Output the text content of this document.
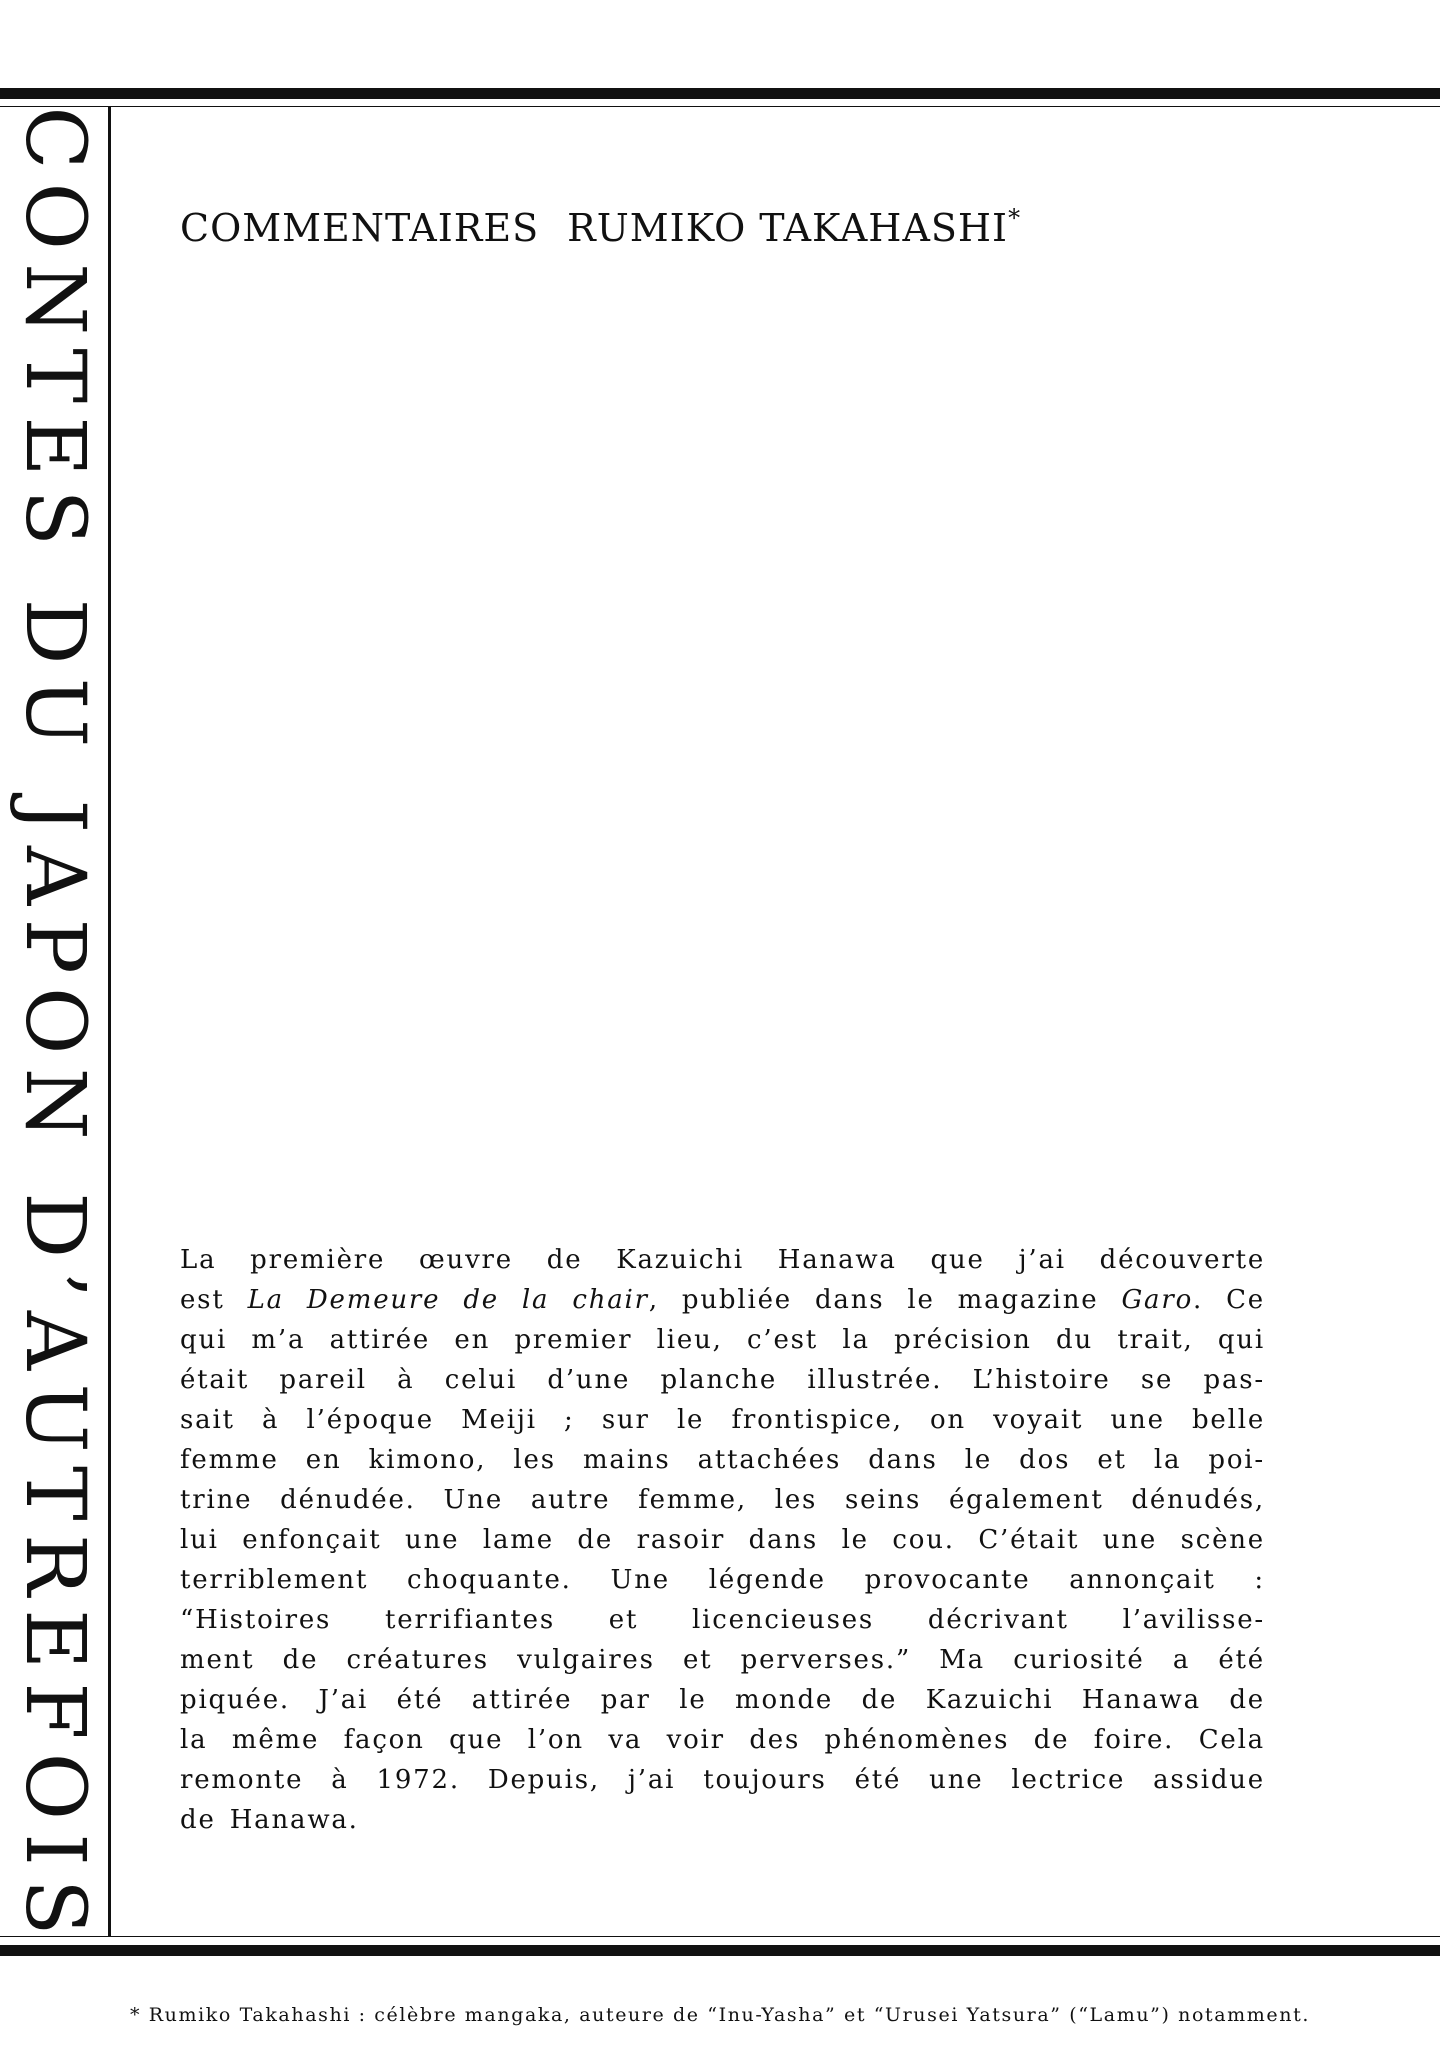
C
O
N
T
E
S

D
U

J
A
P
O
N

D
’
A
U
T
R
E
F
O
I
S
COMMENTAIRES RUMIKO TAKAHASHI*
La première œuvre de Kazuichi Hanawa que j’ai découverte
est La Demeure de la chair, publiée dans le magazine Garo. Ce
qui m’a attirée en premier lieu, c’est la précision du trait, qui
était pareil à celui d’une planche illustrée. L’histoire se pas-
sait à l’époque Meiji ; sur le frontispice, on voyait une belle
femme en kimono, les mains attachées dans le dos et la poi-
trine dénudée. Une autre femme, les seins également dénudés,
lui enfonçait une lame de rasoir dans le cou. C’était une scène
terriblement choquante. Une légende provocante annonçait :
“Histoires terrifiantes et licencieuses décrivant l’avilisse-
ment de créatures vulgaires et perverses.” Ma curiosité a été
piquée. J’ai été attirée par le monde de Kazuichi Hanawa de
la même façon que l’on va voir des phénomènes de foire. Cela
remonte à 1972. Depuis, j’ai toujours été une lectrice assidue
de Hanawa.

* Rumiko Takahashi : célèbre mangaka, auteure de “Inu-Yasha” et “Urusei Yatsura” (“Lamu”) notamment.
